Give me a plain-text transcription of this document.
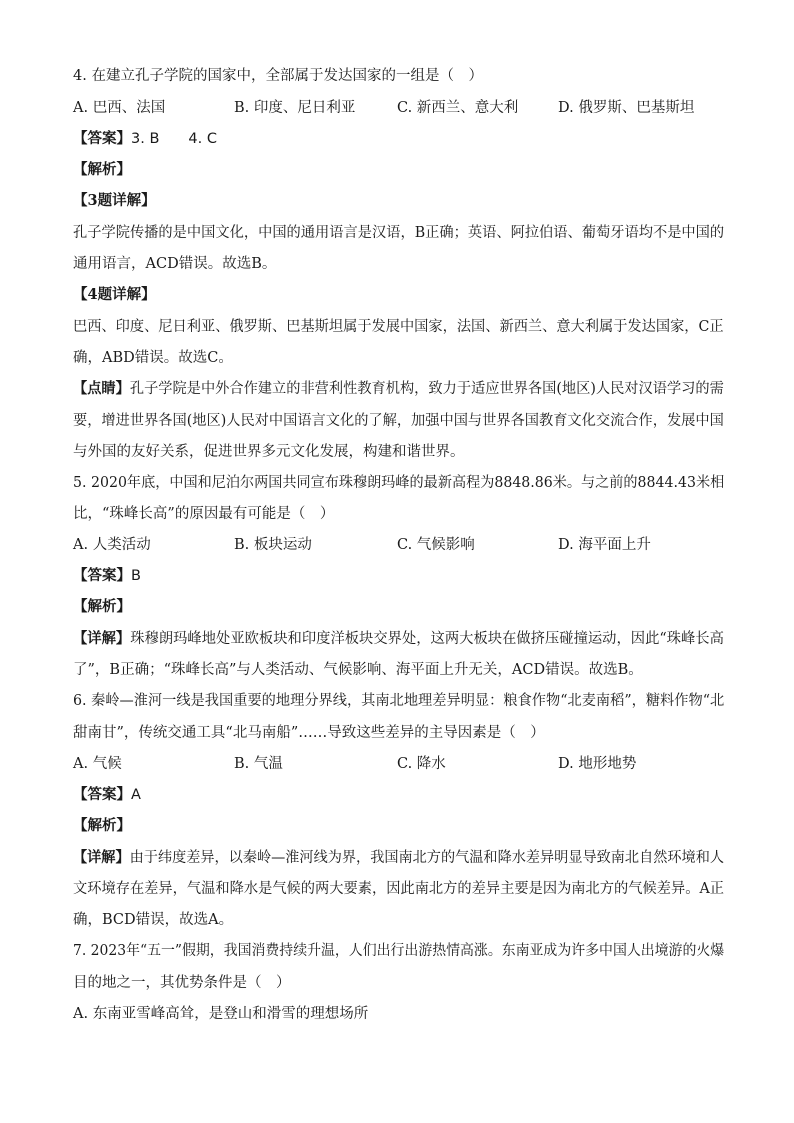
4. 在建立孔子学院的国家中，全部属于发达国家的一组是（　）
A. 巴西、法国	B. 印度、尼日利亚	C. 新西兰、意大利	D. 俄罗斯、巴基斯坦
【答案】3. B　　4. C
【解析】
【3题详解】
孔子学院传播的是中国文化，中国的通用语言是汉语，B正确；英语、阿拉伯语、葡萄牙语均不是中国的
通用语言，ACD错误。故选B。
【4题详解】
巴西、印度、尼日利亚、俄罗斯、巴基斯坦属于发展中国家，法国、新西兰、意大利属于发达国家，C正
确，ABD错误。故选C。
【点睛】孔子学院是中外合作建立的非营利性教育机构，致力于适应世界各国(地区)人民对汉语学习的需
要，增进世界各国(地区)人民对中国语言文化的了解，加强中国与世界各国教育文化交流合作，发展中国
与外国的友好关系，促进世界多元文化发展，构建和谐世界。
5. 2020年底，中国和尼泊尔两国共同宣布珠穆朗玛峰的最新高程为8848.86米。与之前的8844.43米相
比，“珠峰长高”的原因最有可能是（　）
A. 人类活动	B. 板块运动	C. 气候影响	D. 海平面上升
【答案】B
【解析】
【详解】珠穆朗玛峰地处亚欧板块和印度洋板块交界处，这两大板块在做挤压碰撞运动，因此“珠峰长高
了”，B正确；“珠峰长高”与人类活动、气候影响、海平面上升无关，ACD错误。故选B。
6. 秦岭—淮河一线是我国重要的地理分界线，其南北地理差异明显：粮食作物“北麦南稻”，糖料作物“北
甜南甘”，传统交通工具“北马南船”……导致这些差异的主导因素是（　）
A. 气候	B. 气温	C. 降水	D. 地形地势
【答案】A
【解析】
【详解】由于纬度差异，以秦岭—淮河线为界，我国南北方的气温和降水差异明显导致南北自然环境和人
文环境存在差异，气温和降水是气候的两大要素，因此南北方的差异主要是因为南北方的气候差异。A正
确，BCD错误，故选A。
7. 2023年“五一”假期，我国消费持续升温，人们出行出游热情高涨。东南亚成为许多中国人出境游的火爆
目的地之一，其优势条件是（　）
A. 东南亚雪峰高耸，是登山和滑雪的理想场所
